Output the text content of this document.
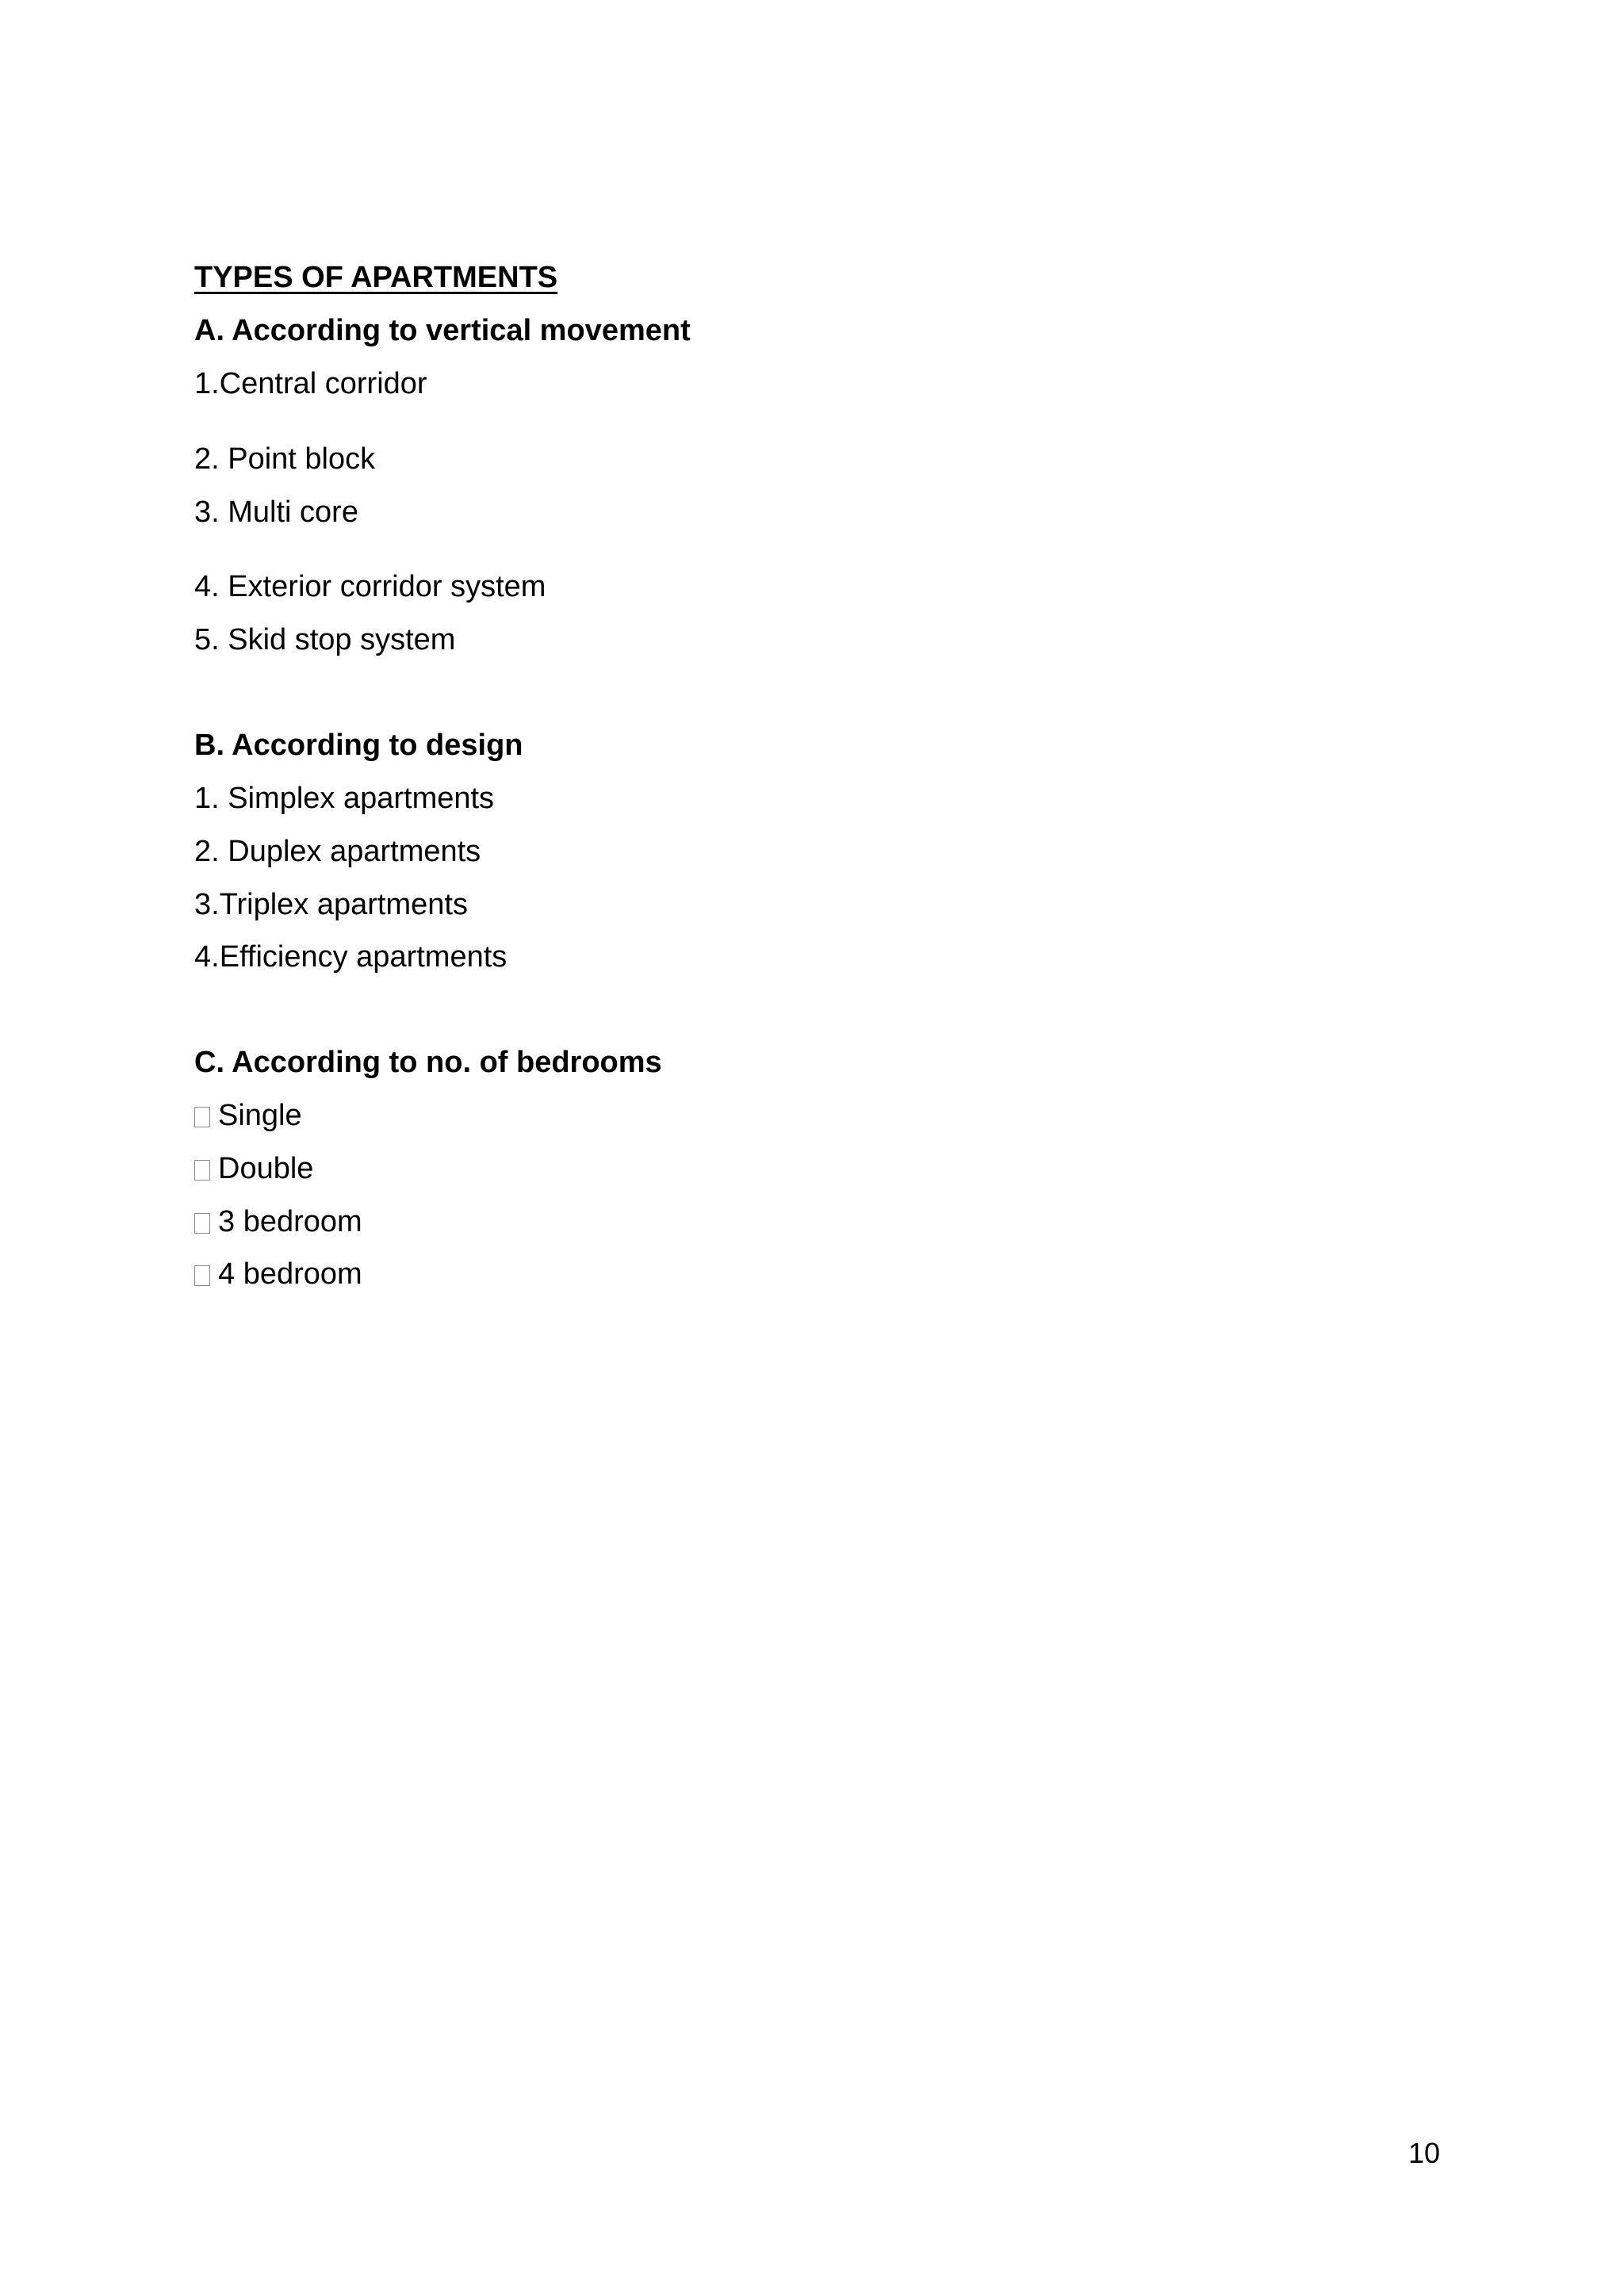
TYPES OF APARTMENTS
A. According to vertical movement
1.Central corridor
2. Point block
3. Multi core
4. Exterior corridor system
5. Skid stop system
B. According to design
1. Simplex apartments
2. Duplex apartments
3.Triplex apartments
4.Efficiency apartments
C. According to no. of bedrooms
Single
Double
3 bedroom
4 bedroom
10
